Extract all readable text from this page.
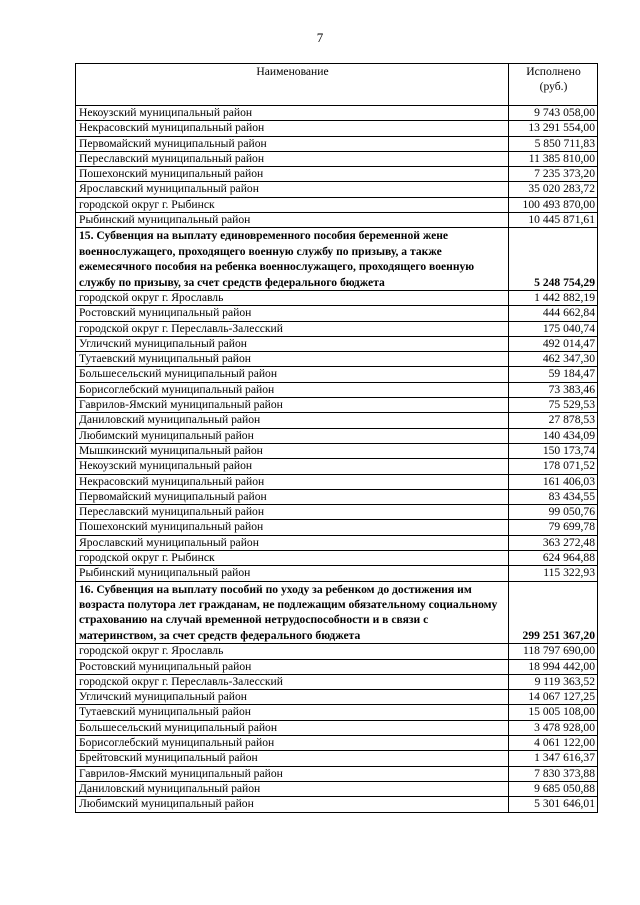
7
Наименование	Исполнено
(руб.)
Некоузский муниципальный район	9 743 058,00
Некрасовский муниципальный район	13 291 554,00
Первомайский муниципальный район	5 850 711,83
Переславский муниципальный район	11 385 810,00
Пошехонский муниципальный район	7 235 373,20
Ярославский муниципальный район	35 020 283,72
городской округ г. Рыбинск	100 493 870,00
Рыбинский муниципальный район	10 445 871,61
15. Субвенция на выплату единовременного пособия беременной жене военнослужащего, проходящего военную службу по призыву, а также ежемесячного пособия на ребенка военнослужащего, проходящего военную службу по призыву, за счет средств федерального бюджета	5 248 754,29
городской округ г. Ярославль	1 442 882,19
Ростовский муниципальный район	444 662,84
городской округ г. Переславль-Залесский	175 040,74
Угличский муниципальный район	492 014,47
Тутаевский муниципальный район	462 347,30
Большесельский муниципальный район	59 184,47
Борисоглебский муниципальный район	73 383,46
Гаврилов-Ямский муниципальный район	75 529,53
Даниловский муниципальный район	27 878,53
Любимский муниципальный район	140 434,09
Мышкинский муниципальный район	150 173,74
Некоузский муниципальный район	178 071,52
Некрасовский муниципальный район	161 406,03
Первомайский муниципальный район	83 434,55
Переславский муниципальный район	99 050,76
Пошехонский муниципальный район	79 699,78
Ярославский муниципальный район	363 272,48
городской округ г. Рыбинск	624 964,88
Рыбинский муниципальный район	115 322,93
16. Субвенция на выплату пособий по уходу за ребенком до достижения им возраста полутора лет гражданам, не подлежащим обязательному социальному страхованию на случай временной нетрудоспособности и в связи с материнством, за счет средств федерального бюджета	299 251 367,20
городской округ г. Ярославль	118 797 690,00
Ростовский муниципальный район	18 994 442,00
городской округ г. Переславль-Залесский	9 119 363,52
Угличский муниципальный район	14 067 127,25
Тутаевский муниципальный район	15 005 108,00
Большесельский муниципальный район	3 478 928,00
Борисоглебский муниципальный район	4 061 122,00
Брейтовский муниципальный район	1 347 616,37
Гаврилов-Ямский муниципальный район	7 830 373,88
Даниловский муниципальный район	9 685 050,88
Любимский муниципальный район	5 301 646,01
